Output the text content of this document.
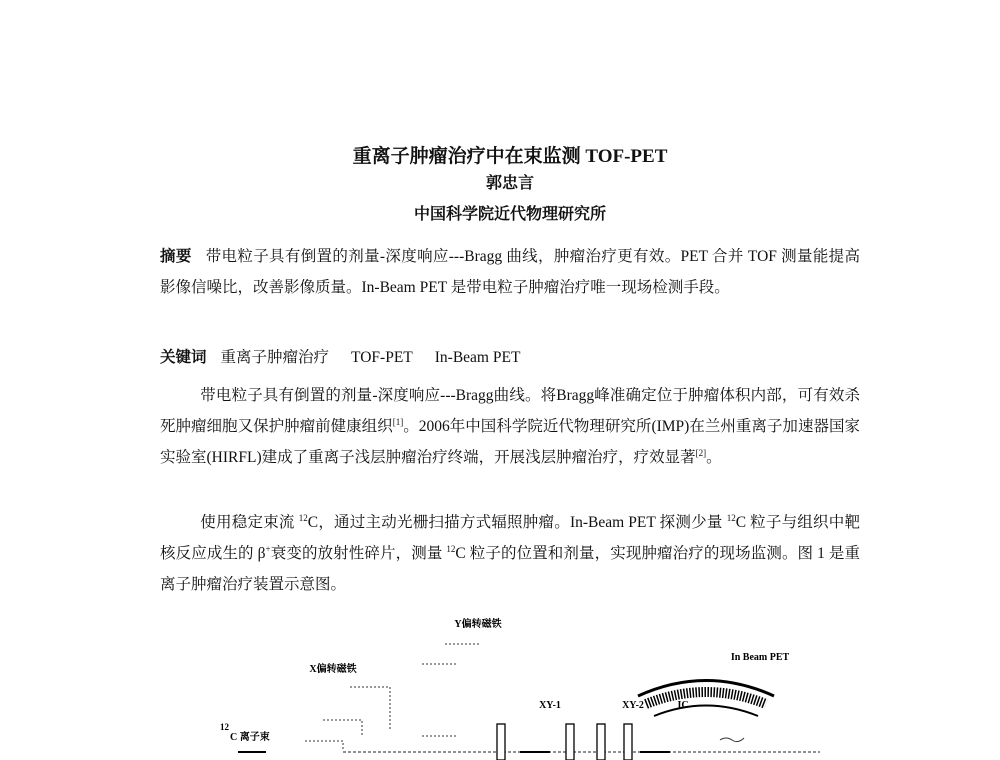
重离子肿瘤治疗中在束监测 TOF-PET
郭忠言
中国科学院近代物理研究所
摘要 带电粒子具有倒置的剂量-深度响应---Bragg 曲线，肿瘤治疗更有效。PET 合并 TOF 测量能提高影像信噪比，改善影像质量。In-Beam PET 是带电粒子肿瘤治疗唯一现场检测手段。
关键词 重离子肿瘤治疗 TOF-PET In-Beam PET
带电粒子具有倒置的剂量-深度响应---Bragg曲线。将Bragg峰准确定位于肿瘤体积内部，可有效杀死肿瘤细胞又保护肿瘤前健康组织[1]。2006年中国科学院近代物理研究所(IMP)在兰州重离子加速器国家实验室(HIRFL)建成了重离子浅层肿瘤治疗终端，开展浅层肿瘤治疗，疗效显著[2]。
使用稳定束流 $^{12}$C，通过主动光栅扫描方式辐照肿瘤。In-Beam PET 探测少量 $^{12}$C 粒子与组织中靶核反应成生的 β+衰变的放射性碎片，测量 $^{12}$C 粒子的位置和剂量，实现肿瘤治疗的现场监测。图 1 是重离子肿瘤治疗装置示意图。
Y偏转磁铁
X偏转磁铁
12
C 离子束
XY-1	XY-2	IC
In Beam PET
